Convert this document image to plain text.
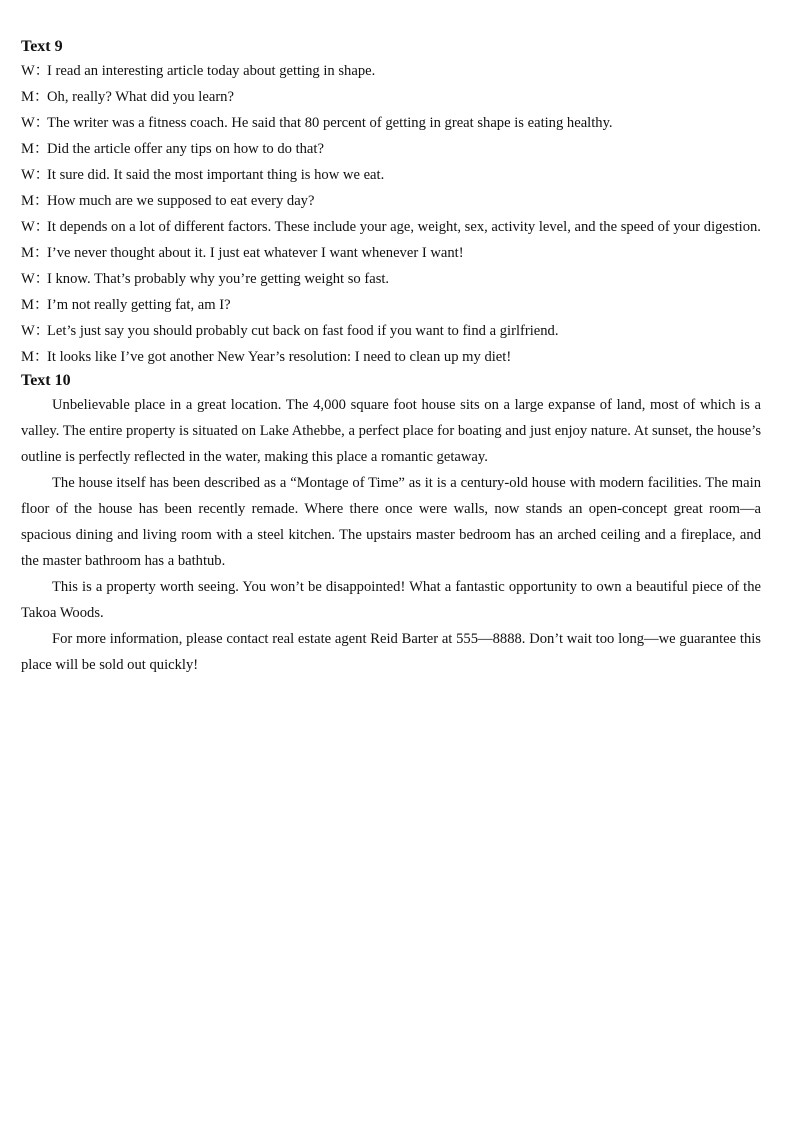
Text 9

W：I read an interesting article today about getting in shape.

M：Oh, really? What did you learn?

W：The writer was a fitness coach. He said that 80 percent of getting in great shape is eating healthy.

M：Did the article offer any tips on how to do that?

W：It sure did. It said the most important thing is how we eat.

M：How much are we supposed to eat every day?

W：It depends on a lot of different factors. These include your age, weight, sex, activity level, and the speed of your digestion.

M：I’ve never thought about it. I just eat whatever I want whenever I want!

W：I know. That’s probably why you’re getting weight so fast.

M：I’m not really getting fat, am I?

W：Let’s just say you should probably cut back on fast food if you want to find a girlfriend.

M：It looks like I’ve got another New Year’s resolution: I need to clean up my diet!

Text 10

Unbelievable place in a great location. The 4,000 square foot house sits on a large expanse of land, most of which is a valley. The entire property is situated on Lake Athebbe, a perfect place for boating and just enjoy nature. At sunset, the house’s outline is perfectly reflected in the water, making this place a romantic getaway.

The house itself has been described as a “Montage of Time” as it is a century-old house with modern facilities. The main floor of the house has been recently remade. Where there once were walls, now stands an open-concept great room—a spacious dining and living room with a steel kitchen. The upstairs master bedroom has an arched ceiling and a fireplace, and the master bathroom has a bathtub.

This is a property worth seeing. You won’t be disappointed! What a fantastic opportunity to own a beautiful piece of the Takoa Woods.

For more information, please contact real estate agent Reid Barter at 555—8888. Don’t wait too long—we guarantee this place will be sold out quickly!
